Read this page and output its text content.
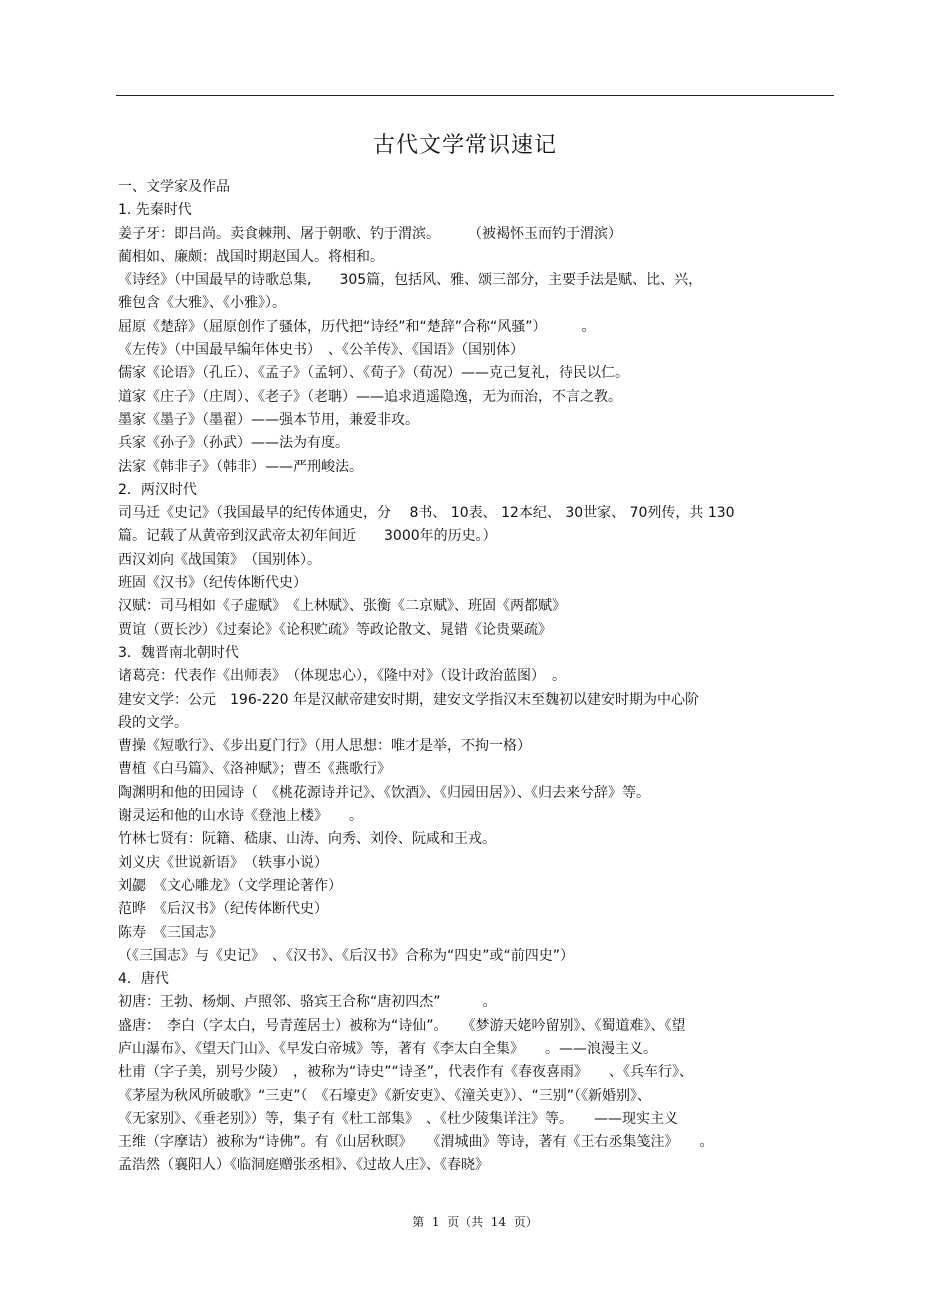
古代文学常识速记
一、文学家及作品
1. 先秦时代
姜子牙：即吕尚。卖食棘荆、屠于朝歌、钓于渭滨。　　　（被褐怀玉而钓于渭滨）
蔺相如、廉颇：战国时期赵国人。将相和。
《诗经》（中国最早的诗歌总集,　　305篇，包括风、雅、颂三部分，主要手法是赋、比、兴，
雅包含《大雅》、《小雅》）。
屈原《楚辞》（屈原创作了骚体，历代把“诗经”和“楚辞”合称“风骚”）　　　。
《左传》（中国最早编年体史书）　、《公羊传》、《国语》（国别体）
儒家《论语》（孔丘）、《孟子》（孟轲）、《荀子》（荀况）——克己复礼，待民以仁。
道家《庄子》（庄周）、《老子》（老聃）——追求逍遥隐逸，无为而治，不言之教。
墨家《墨子》（墨翟）——强本节用，兼爱非攻。
兵家《孙子》（孙武）——法为有度。
法家《韩非子》（韩非）——严刑峻法。
2．两汉时代
司马迁《史记》（我国最早的纪传体通史，分　 8书、 10表、 12本纪、 30世家、 70列传，共 130
篇。记载了从黄帝到汉武帝太初年间近　　3000年的历史。）
西汉刘向《战国策》　（国别体）。
班固《汉书》（纪传体断代史）
汉赋：司马相如《子虚赋》　《上林赋》、张衡《二京赋》、班固《两都赋》
贾谊（贾长沙）《过秦论》《论积贮疏》等政论散文、晁错《论贵粟疏》
3．魏晋南北朝时代
诸葛亮：代表作《出师表》　（体现忠心），《隆中对》（设计政治蓝图）　。
建安文学：公元　196-220 年是汉献帝建安时期，建安文学指汉末至魏初以建安时期为中心阶
段的文学。
曹操《短歌行》、《步出夏门行》（用人思想：唯才是举，不拘一格）
曹植《白马篇》、《洛神赋》；曹丕《燕歌行》
陶渊明和他的田园诗（　《桃花源诗并记》、《饮酒》、《归园田居》）、《归去来兮辞》等。
谢灵运和他的山水诗《登池上楼》　　。
竹林七贤有：阮籍、嵇康、山涛、向秀、刘伶、阮咸和王戎。
刘义庆《世说新语》　（轶事小说）
刘勰　《文心雕龙》（文学理论著作）
范晔　《后汉书》（纪传体断代史）
陈寿　《三国志》
（《三国志》与《史记》　、《汉书》、《后汉书》合称为“四史”或“前四史”）
4．唐代
初唐：王勃、杨炯、卢照邻、骆宾王合称“唐初四杰”　　　。
盛唐：　李白（字太白，号青莲居士）被称为“诗仙”。　　《梦游天姥吟留别》、《蜀道难》、《望
庐山瀑布》、《望天门山》、《早发白帝城》等，著有《李太白全集》　　。——浪漫主义。
杜甫（字子美，别号少陵）　，被称为“诗史”“诗圣”，代表作有《春夜喜雨》　　、《兵车行》、
《茅屋为秋风所破歌》“三吏”（　《石壕吏》《新安吏》、《潼关吏》）、“三别”（《新婚别》、
《无家别》、《垂老别》）等，集子有《杜工部集》　、《杜少陵集详注》等。　　——现实主义
王维（字摩诘）被称为“诗佛”。有《山居秋瞑》　　《渭城曲》等诗，著有《王右丞集笺注》　　。
孟浩然（襄阳人）《临洞庭赠张丞相》、《过故人庄》、《春晓》
第  1  页（共  14  页）
